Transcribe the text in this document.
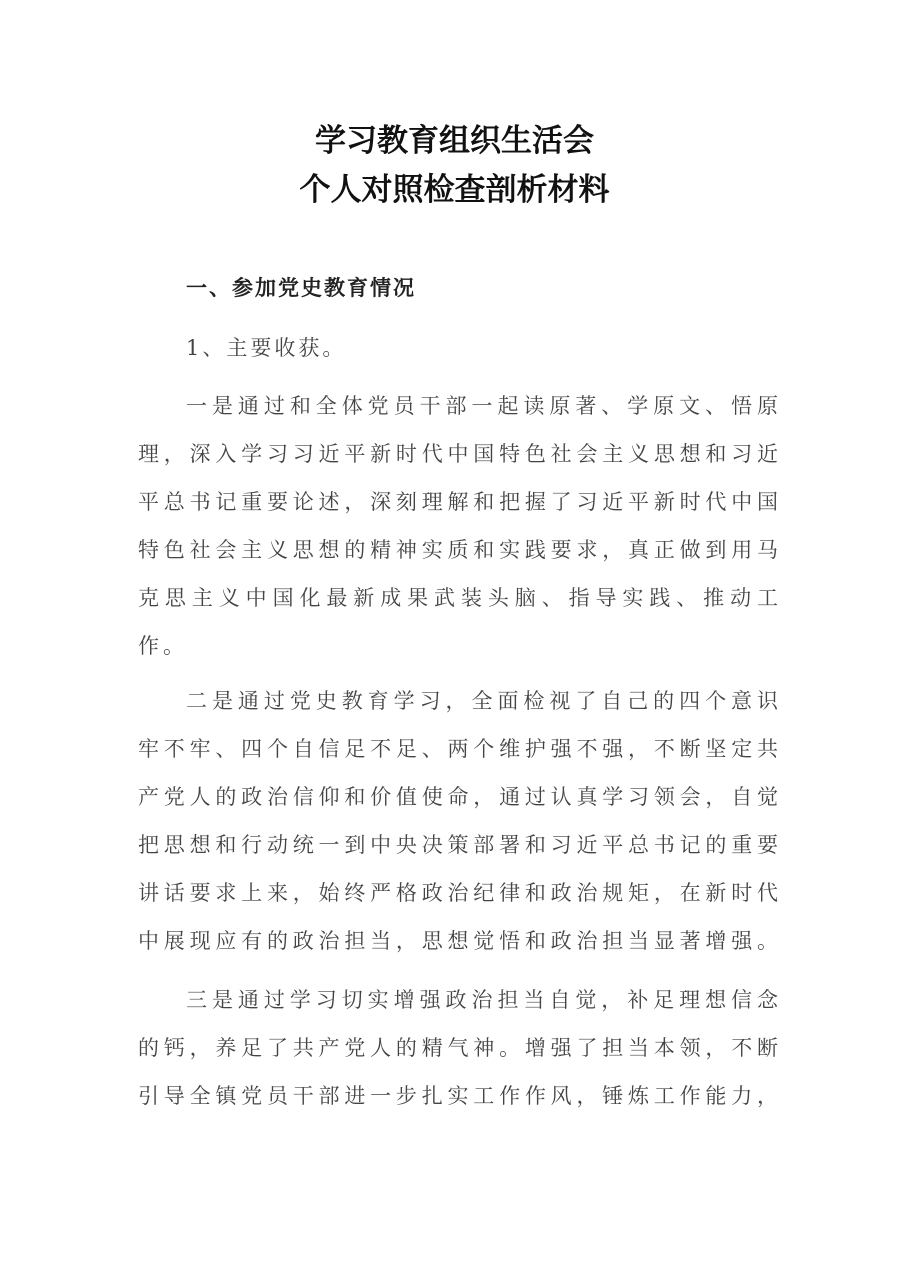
学习教育组织生活会
个人对照检查剖析材料
一、参加党史教育情况
1、主要收获。
一是通过和全体党员干部一起读原著、学原文、悟原
理，深入学习习近平新时代中国特色社会主义思想和习近
平总书记重要论述，深刻理解和把握了习近平新时代中国
特色社会主义思想的精神实质和实践要求，真正做到用马
克思主义中国化最新成果武装头脑、指导实践、推动工
作。
二是通过党史教育学习，全面检视了自己的四个意识
牢不牢、四个自信足不足、两个维护强不强，不断坚定共
产党人的政治信仰和价值使命，通过认真学习领会，自觉
把思想和行动统一到中央决策部署和习近平总书记的重要
讲话要求上来，始终严格政治纪律和政治规矩，在新时代
中展现应有的政治担当，思想觉悟和政治担当显著增强。
三是通过学习切实增强政治担当自觉，补足理想信念
的钙，养足了共产党人的精气神。增强了担当本领，不断
引导全镇党员干部进一步扎实工作作风，锤炼工作能力，
